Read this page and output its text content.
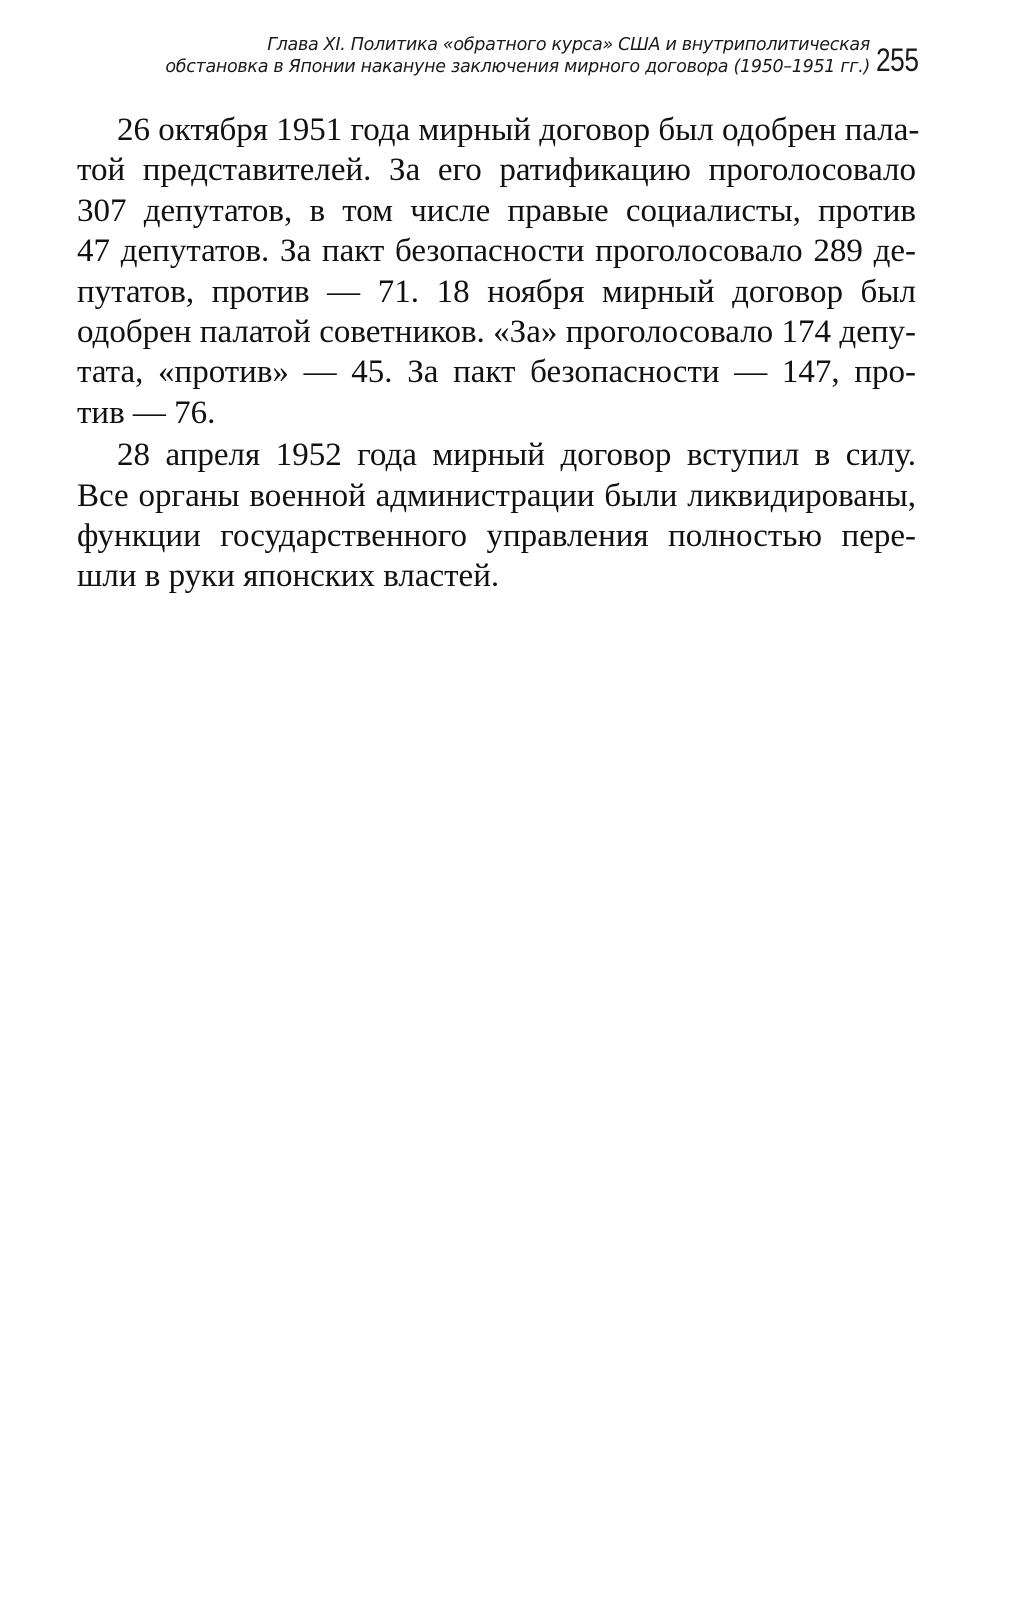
Глава XI. Политика «обратного курса» США и внутриполитическая
обстановка в Японии накануне заключения мирного договора (1950–1951 гг.) 255

26 октября 1951 года мирный договор был одобрен пала-
той представителей. За его ратификацию проголосовало
307 депутатов, в том числе правые социалисты, против
47 депутатов. За пакт безопасности проголосовало 289 де-
путатов, против — 71. 18 ноября мирный договор был
одобрен палатой советников. «За» проголосовало 174 депу-
тата, «против» — 45. За пакт безопасности — 147, про-
тив — 76.

28 апреля 1952 года мирный договор вступил в силу.
Все органы военной администрации были ликвидированы,
функции государственного управления полностью пере-
шли в руки японских властей.
